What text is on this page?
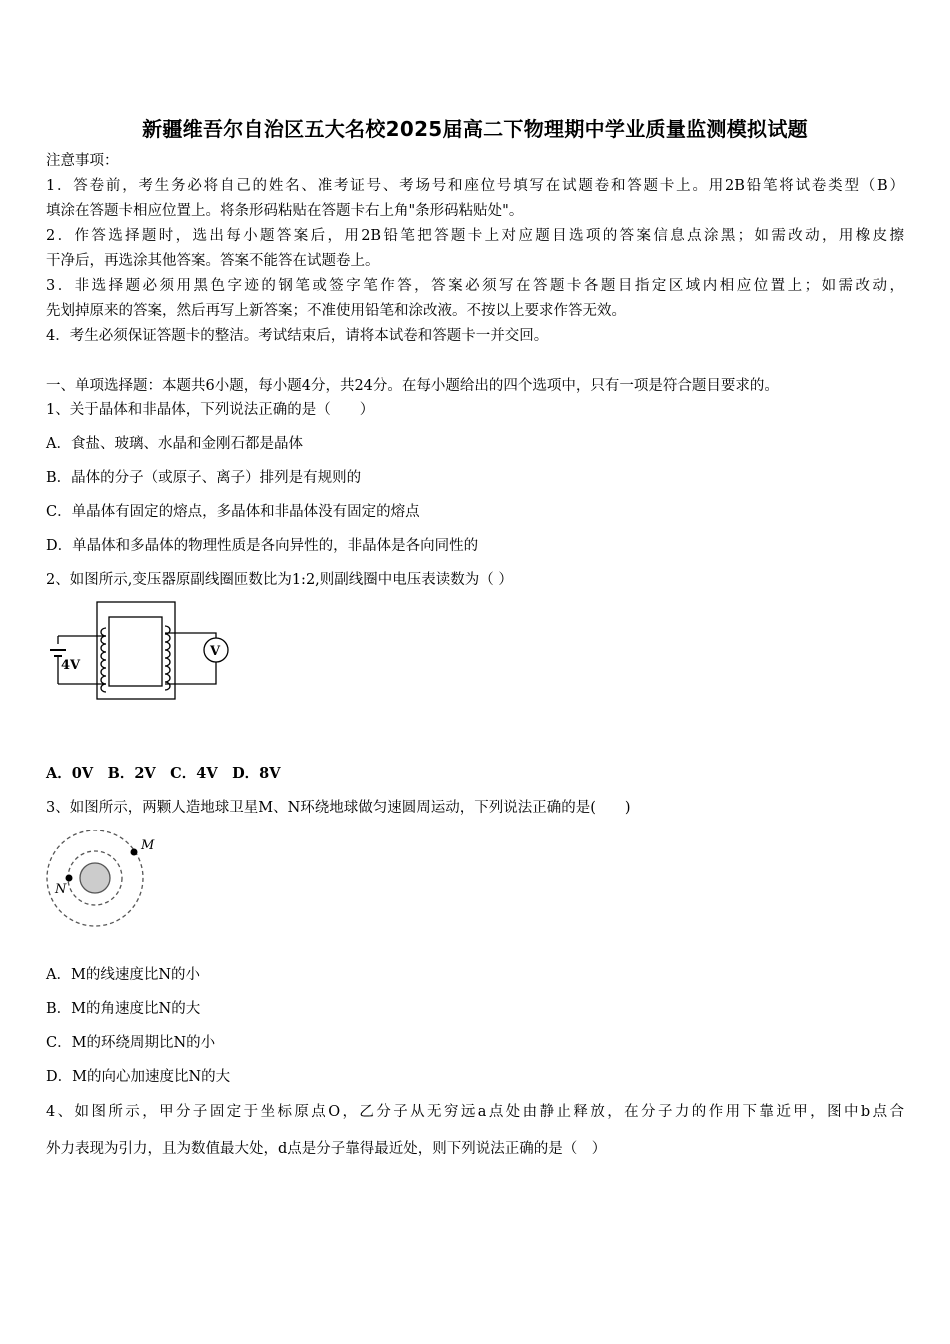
新疆维吾尔自治区五大名校2025届高二下物理期中学业质量监测模拟试题
注意事项：
1．答卷前，考生务必将自己的姓名、准考证号、考场号和座位号填写在试题卷和答题卡上。用2B铅笔将试卷类型（B）
填涂在答题卡相应位置上。将条形码粘贴在答题卡右上角"条形码粘贴处"。
2．作答选择题时，选出每小题答案后，用2B铅笔把答题卡上对应题目选项的答案信息点涂黑；如需改动，用橡皮擦
干净后，再选涂其他答案。答案不能答在试题卷上。
3．非选择题必须用黑色字迹的钢笔或签字笔作答，答案必须写在答题卡各题目指定区域内相应位置上；如需改动，
先划掉原来的答案，然后再写上新答案；不准使用铅笔和涂改液。不按以上要求作答无效。
4．考生必须保证答题卡的整洁。考试结束后，请将本试卷和答题卡一并交回。
一、单项选择题：本题共6小题，每小题4分，共24分。在每小题给出的四个选项中，只有一项是符合题目要求的。
1、关于晶体和非晶体，下列说法正确的是（　　）
A．食盐、玻璃、水晶和金刚石都是晶体
B．晶体的分子（或原子、离子）排列是有规则的
C．单晶体有固定的熔点，多晶体和非晶体没有固定的熔点
D．单晶体和多晶体的物理性质是各向异性的，非晶体是各向同性的
2、如图所示,变压器原副线圈匝数比为1:2,则副线圈中电压表读数为（ ）
4V
V
A．0V　B．2V　C．4V　D．8V
3、如图所示，两颗人造地球卫星M、N环绕地球做匀速圆周运动，下列说法正确的是(　　)
M
N
A．M的线速度比N的小
B．M的角速度比N的大
C．M的环绕周期比N的小
D．M的向心加速度比N的大
4、如图所示，甲分子固定于坐标原点O，乙分子从无穷远a点处由静止释放，在分子力的作用下靠近甲，图中b点合
外力表现为引力，且为数值最大处，d点是分子靠得最近处，则下列说法正确的是（　）
